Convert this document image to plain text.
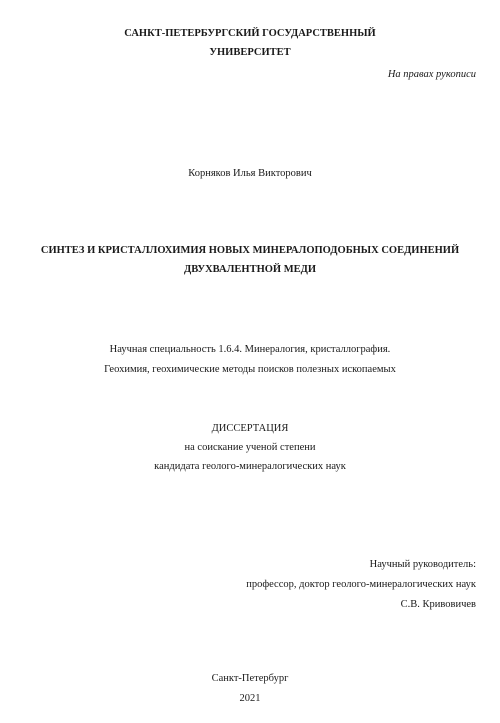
САНКТ-ПЕТЕРБУРГСКИЙ ГОСУДАРСТВЕННЫЙ
УНИВЕРСИТЕТ
На правах рукописи
Корняков Илья Викторович
СИНТЕЗ И КРИСТАЛЛОХИМИЯ НОВЫХ МИНЕРАЛОПОДОБНЫХ СОЕДИНЕНИЙ
ДВУХВАЛЕНТНОЙ МЕДИ
Научная специальность 1.6.4. Минералогия, кристаллография.
Геохимия, геохимические методы поисков полезных ископаемых
ДИССЕРТАЦИЯ
на соискание ученой степени
кандидата геолого-минералогических наук
Научный руководитель:
профессор, доктор геолого-минералогических наук
С.В. Кривовичев
Санкт-Петербург
2021
